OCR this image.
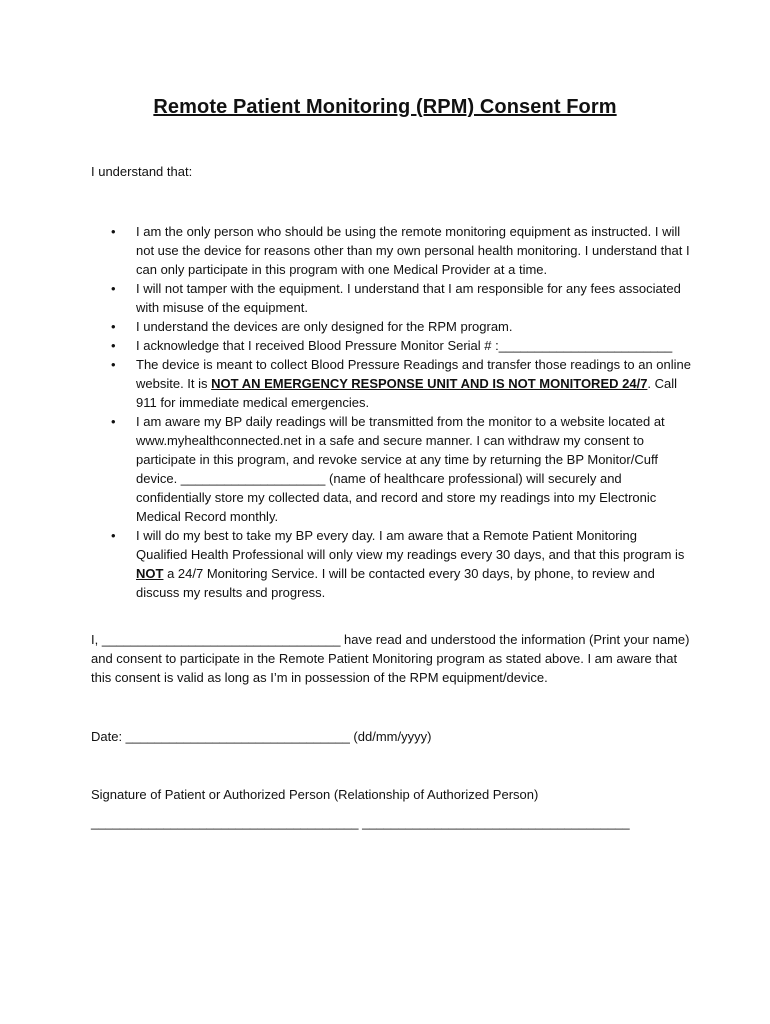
Remote Patient Monitoring (RPM) Consent Form
I understand that:
• I am the only person who should be using the remote monitoring equipment as instructed. I will not use the device for reasons other than my own personal health monitoring. I understand that I can only participate in this program with one Medical Provider at a time.
• I will not tamper with the equipment. I understand that I am responsible for any fees associated with misuse of the equipment.
• I understand the devices are only designed for the RPM program.
• I acknowledge that I received Blood Pressure Monitor Serial # :________________________
• The device is meant to collect Blood Pressure Readings and transfer those readings to an online website. It is NOT AN EMERGENCY RESPONSE UNIT AND IS NOT MONITORED 24/7. Call 911 for immediate medical emergencies.
• I am aware my BP daily readings will be transmitted from the monitor to a website located at www.myhealthconnected.net in a safe and secure manner. I can withdraw my consent to participate in this program, and revoke service at any time by returning the BP Monitor/Cuff device. ____________________ (name of healthcare professional) will securely and confidentially store my collected data, and record and store my readings into my Electronic Medical Record monthly.
• I will do my best to take my BP every day. I am aware that a Remote Patient Monitoring Qualified Health Professional will only view my readings every 30 days, and that this program is NOT a 24/7 Monitoring Service. I will be contacted every 30 days, by phone, to review and discuss my results and progress.
I, _________________________________ have read and understood the information (Print your name) and consent to participate in the Remote Patient Monitoring program as stated above. I am aware that this consent is valid as long as I’m in possession of the RPM equipment/device.
Date: _______________________________ (dd/mm/yyyy)
Signature of Patient or Authorized Person (Relationship of Authorized Person)
_____________________________________ _____________________________________
